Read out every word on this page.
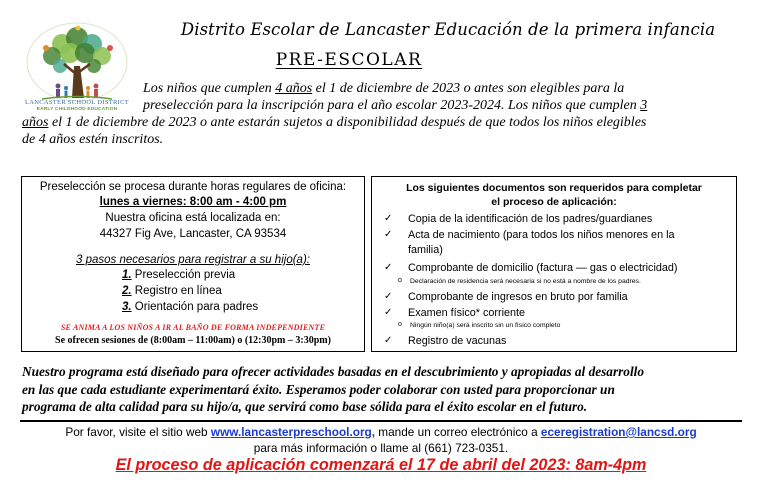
LANCASTER SCHOOL DISTRICT
EARLY CHILDHOOD EDUCATION
Distrito Escolar de Lancaster Educación de la primera infancia
PRE-ESCOLAR
Los niños que cumplen 4 años el 1 de diciembre de 2023 o antes son elegibles para la
preselección para la inscripción para el año escolar 2023-2024. Los niños que cumplen 3
años el 1 de diciembre de 2023 o ante estarán sujetos a disponibilidad después de que todos los niños elegibles
de 4 años estén inscritos.
Preselección se procesa durante horas regulares de oficina:
lunes a viernes: 8:00 am - 4:00 pm
Nuestra oficina está localizada en:
44327 Fig Ave, Lancaster, CA 93534
3 pasos necesarios para registrar a su hijo(a):
1. Preselección previa
2. Registro en línea
3. Orientación para padres
SE ANIMA A LOS NIÑOS A IR AL BAÑO DE FORMA INDEPENDIENTE
Se ofrecen sesiones de (8:00am – 11:00am) o (12:30pm – 3:30pm)
Los siguientes documentos son requeridos para completar
el proceso de aplicación:
✓	Copia de la identificación de los padres/guardianes
✓	Acta de nacimiento (para todos los niños menores en la
familia)
✓	Comprobante de domicilio (factura — gas o electricidad)
o Declaración de residencia será necesaria si no está a nombre de los padres.
✓	Comprobante de ingresos en bruto por familia
✓	Examen físico* corriente
o Ningún niño(a) será inscrito sin un físico completo
✓	Registro de vacunas
Nuestro programa está diseñado para ofrecer actividades basadas en el descubrimiento y apropiadas al desarrollo
en las que cada estudiante experimentará éxito. Esperamos poder colaborar con usted para proporcionar un
programa de alta calidad para su hijo/a, que servirá como base sólida para el éxito escolar en el futuro.
Por favor, visite el sitio web www.lancasterpreschool.org, mande un correo electrónico a eceregistration@lancsd.org
para más información o llame al (661) 723-0351.
El proceso de aplicación comenzará el 17 de abril del 2023: 8am-4pm
